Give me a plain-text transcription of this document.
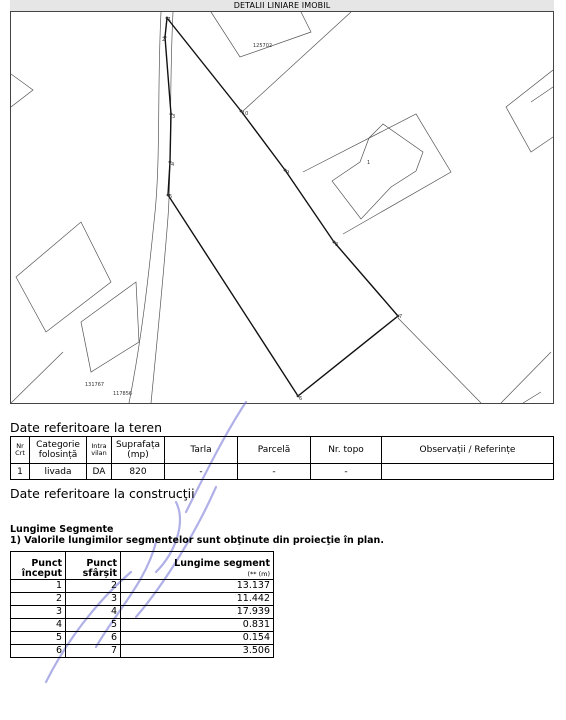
DETALII LINIARE IMOBIL
1
2
3
4
5
6
7
8
9
10
125702
131767
117856
1
Date referitoare la teren
Nr Crt	Categorie folosință	Intra vilan	Suprafața (mp)	Tarla	Parcelă	Nr. topo	Observații / Referințe
1	livada	DA	820	-	-	-	
Date referitoare la construcţii
Lungime Segmente
1) Valorile lungimilor segmentelor sunt obţinute din proiecţie în plan.
Punct început	Punct sfârșit	Lungime segment
(** (m)
1	2	13.137
2	3	11.442
3	4	17.939
4	5	0.831
5	6	0.154
6	7	3.506
